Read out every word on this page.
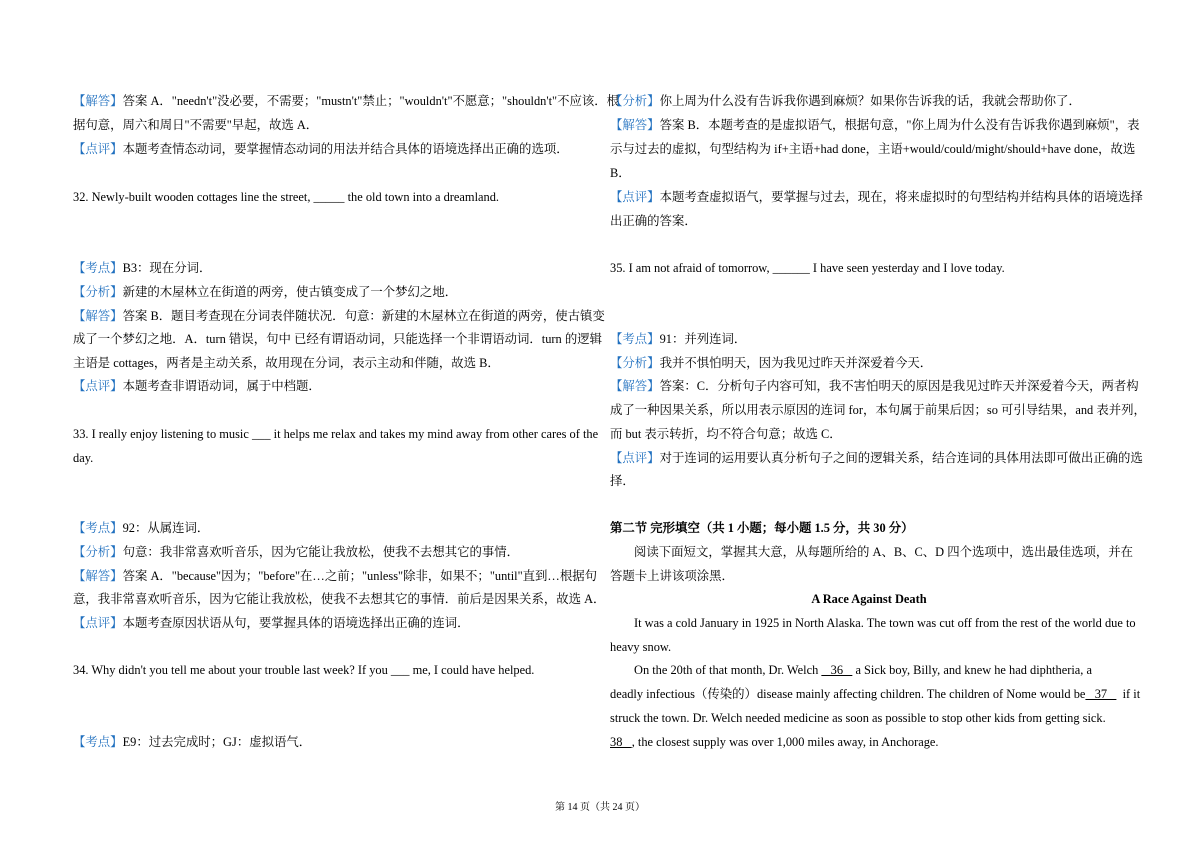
【解答】答案 A．"needn't"没必要，不需要；"mustn't"禁止；"wouldn't"不愿意；"shouldn't"不应该．根
据句意，周六和周日"不需要"早起，故选 A．
【点评】本题考查情态动词，要掌握情态动词的用法并结合具体的语境选择出正确的选项．
32. Newly-built wooden cottages line the street, _____ the old town into a dreamland.
【考点】B3：现在分词．
【分析】新建的木屋林立在街道的两旁，使古镇变成了一个梦幻之地．
【解答】答案 B．题目考查现在分词表伴随状况．句意：新建的木屋林立在街道的两旁，使古镇变
成了一个梦幻之地．A．turn 错误，句中 已经有谓语动词，只能选择一个非谓语动词．turn 的逻辑
主语是 cottages，两者是主动关系，故用现在分词，表示主动和伴随，故选 B．
【点评】本题考查非谓语动词，属于中档题．
33. I really enjoy listening to music ___ it helps me relax and takes my mind away from other cares of the
day.
【考点】92：从属连词．
【分析】句意：我非常喜欢听音乐，因为它能让我放松，使我不去想其它的事情．
【解答】答案 A．"because"因为；"before"在…之前；"unless"除非，如果不；"until"直到…根据句
意，我非常喜欢听音乐，因为它能让我放松，使我不去想其它的事情．前后是因果关系，故选 A．
【点评】本题考查原因状语从句，要掌握具体的语境选择出正确的连词．
34. Why didn't you tell me about your trouble last week? If you ___ me, I could have helped.
【考点】E9：过去完成时；GJ：虚拟语气．
【分析】你上周为什么没有告诉我你遇到麻烦？如果你告诉我的话，我就会帮助你了．
【解答】答案 B．本题考查的是虚拟语气，根据句意，"你上周为什么没有告诉我你遇到麻烦"，表
示与过去的虚拟，句型结构为 if+主语+had done，主语+would/could/might/should+have done，故选
B．
【点评】本题考查虚拟语气，要掌握与过去，现在，将来虚拟时的句型结构并结构具体的语境选择
出正确的答案．
35. I am not afraid of tomorrow, ______ I have seen yesterday and I love today.
【考点】91：并列连词．
【分析】我并不惧怕明天，因为我见过昨天并深爱着今天．
【解答】答案：C．分析句子内容可知，我不害怕明天的原因是我见过昨天并深爱着今天，两者构
成了一种因果关系，所以用表示原因的连词 for，本句属于前果后因；so 可引导结果，and 表并列，
而 but 表示转折，均不符合句意；故选 C．
【点评】对于连词的运用要认真分析句子之间的逻辑关系，结合连词的具体用法即可做出正确的选
择．
第二节 完形填空（共 1 小题；每小题 1.5 分，共 30 分）
阅读下面短文，掌握其大意，从每题所给的 A、B、C、D 四个选项中，选出最佳选项，并在
答题卡上讲该项涂黑．
A Race Against Death
It was a cold January in 1925 in North Alaska. The town was cut off from the rest of the world due to
heavy snow.
On the 20th of that month, Dr. Welch    36    a Sick boy, Billy, and knew he had diphtheria, a
deadly infectious（传染的）disease mainly affecting children. The children of Nome would be   37     if it
struck the town. Dr. Welch needed medicine as soon as possible to stop other kids from getting sick.
38   , the closest supply was over 1,000 miles away, in Anchorage.
第 14 页（共 24 页）
